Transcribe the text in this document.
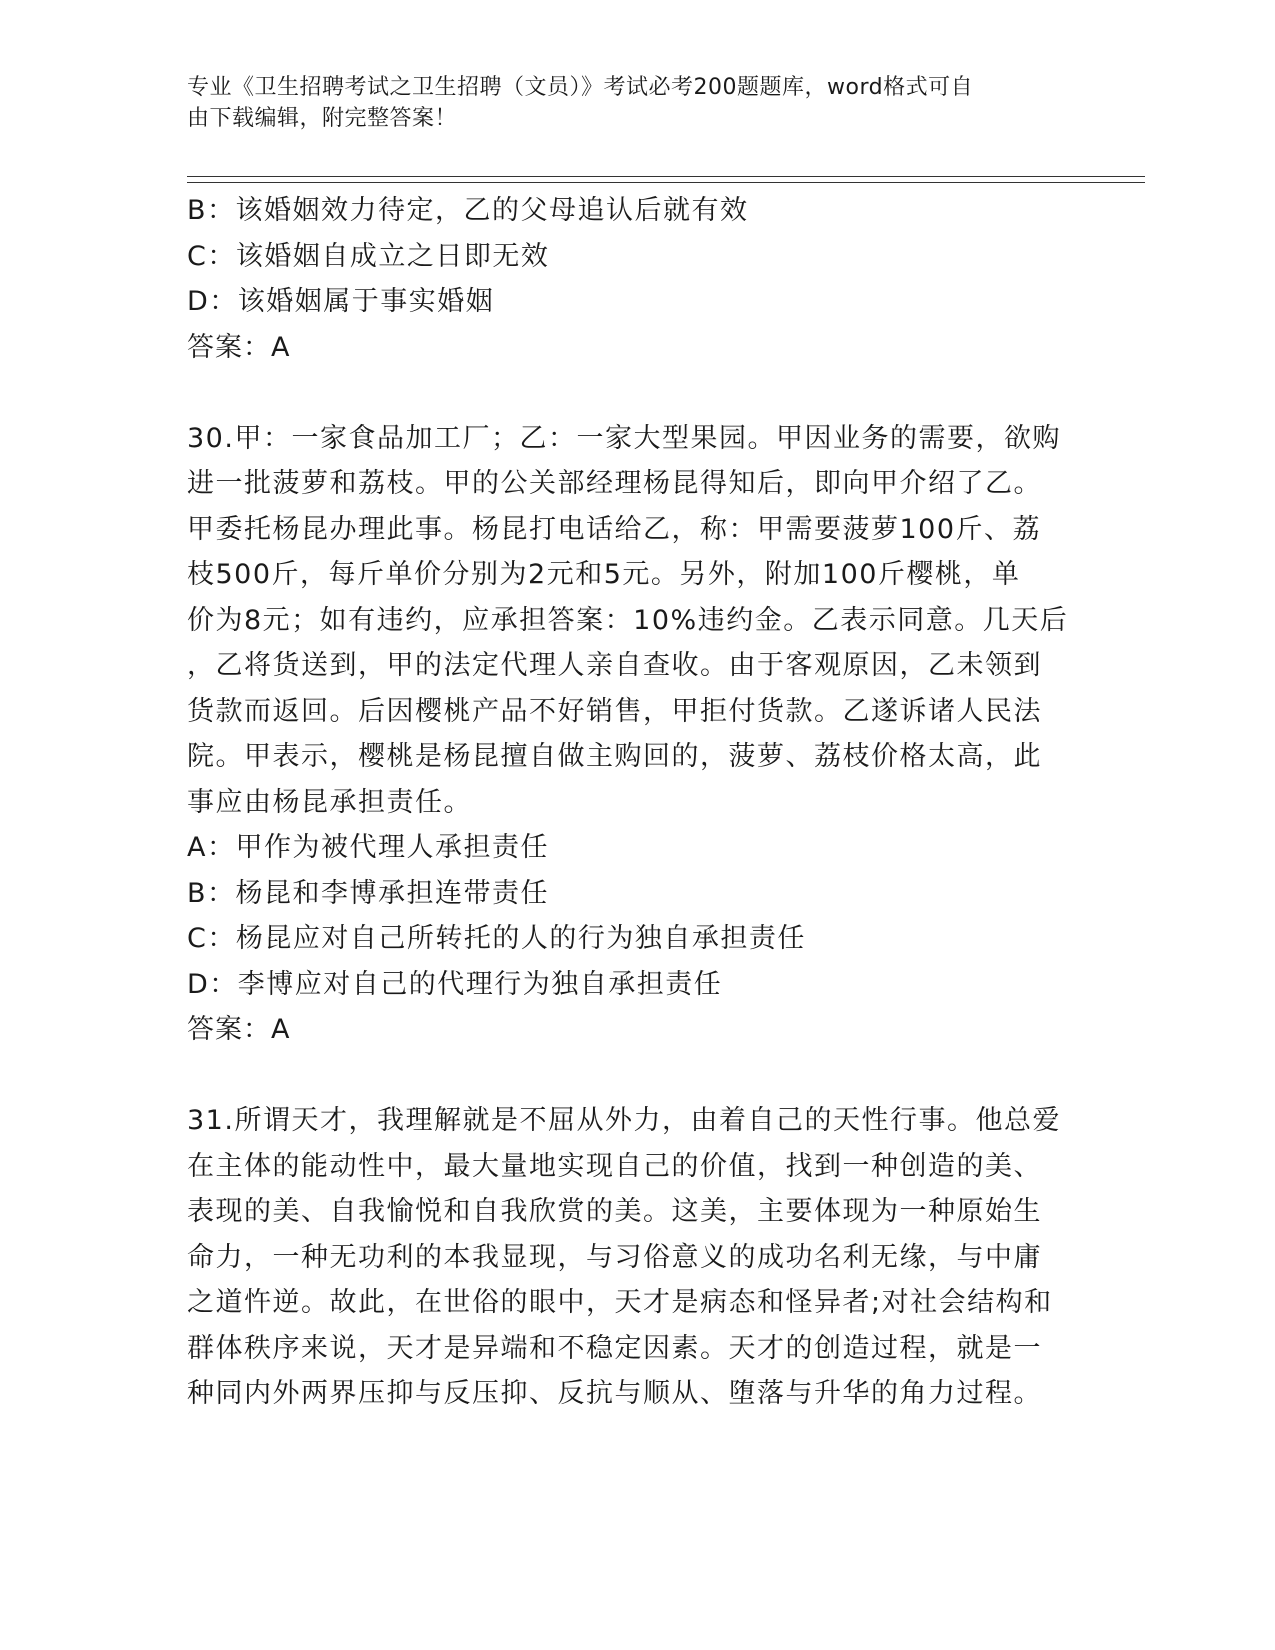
专业《卫生招聘考试之卫生招聘（文员）》考试必考200题题库，word格式可自
由下载编辑，附完整答案！
B：该婚姻效力待定，乙的父母追认后就有效
C：该婚姻自成立之日即无效
D：该婚姻属于事实婚姻
答案：A
30.甲：一家食品加工厂；乙：一家大型果园。甲因业务的需要，欲购
进一批菠萝和荔枝。甲的公关部经理杨昆得知后，即向甲介绍了乙。
甲委托杨昆办理此事。杨昆打电话给乙，称：甲需要菠萝100斤、荔
枝500斤，每斤单价分别为2元和5元。另外，附加100斤樱桃，单
价为8元；如有违约，应承担答案：10%违约金。乙表示同意。几天后
，乙将货送到，甲的法定代理人亲自查收。由于客观原因，乙未领到
货款而返回。后因樱桃产品不好销售，甲拒付货款。乙遂诉诸人民法
院。甲表示，樱桃是杨昆擅自做主购回的，菠萝、荔枝价格太高，此
事应由杨昆承担责任。
A：甲作为被代理人承担责任
B：杨昆和李博承担连带责任
C：杨昆应对自己所转托的人的行为独自承担责任
D：李博应对自己的代理行为独自承担责任
答案：A
31.所谓天才，我理解就是不屈从外力，由着自己的天性行事。他总爱
在主体的能动性中，最大量地实现自己的价值，找到一种创造的美、
表现的美、自我愉悦和自我欣赏的美。这美，主要体现为一种原始生
命力，一种无功利的本我显现，与习俗意义的成功名利无缘，与中庸
之道忤逆。故此，在世俗的眼中，天才是病态和怪异者;对社会结构和
群体秩序来说，天才是异端和不稳定因素。天才的创造过程，就是一
种同内外两界压抑与反压抑、反抗与顺从、堕落与升华的角力过程。
